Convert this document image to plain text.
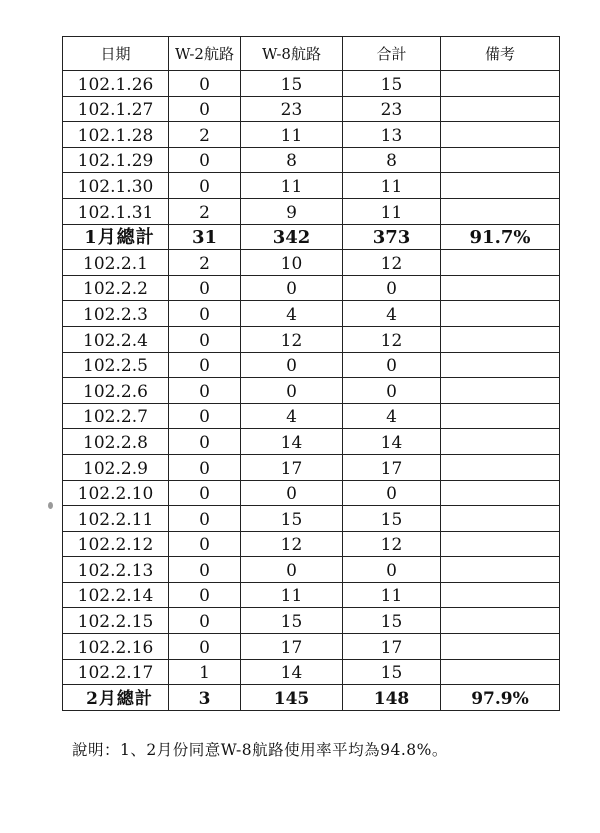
日期	W-2航路	W-8航路	合計	備考
102.1.26	0	15	15	
102.1.27	0	23	23	
102.1.28	2	11	13	
102.1.29	0	8	8	
102.1.30	0	11	11	
102.1.31	2	9	11	
1月總計	31	342	373	91.7%
102.2.1	2	10	12	
102.2.2	0	0	0	
102.2.3	0	4	4	
102.2.4	0	12	12	
102.2.5	0	0	0	
102.2.6	0	0	0	
102.2.7	0	4	4	
102.2.8	0	14	14	
102.2.9	0	17	17	
102.2.10	0	0	0	
102.2.11	0	15	15	
102.2.12	0	12	12	
102.2.13	0	0	0	
102.2.14	0	11	11	
102.2.15	0	15	15	
102.2.16	0	17	17	
102.2.17	1	14	15	
2月總計	3	145	148	97.9%
說明：1、2月份同意W-8航路使用率平均為94.8%。
